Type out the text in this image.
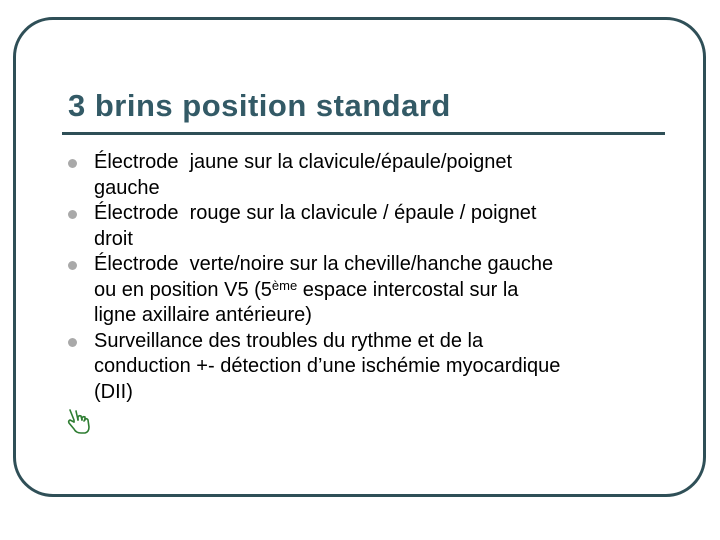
3 brins position standard
Électrode  jaune sur la clavicule/épaule/poignet
gauche
Électrode  rouge sur la clavicule / épaule / poignet
droit
Électrode  verte/noire sur la cheville/hanche gauche
ou en position V5 (5ème espace intercostal sur la
ligne axillaire antérieure)
Surveillance des troubles du rythme et de la
conduction +- détection d’une ischémie myocardique
(DII)
